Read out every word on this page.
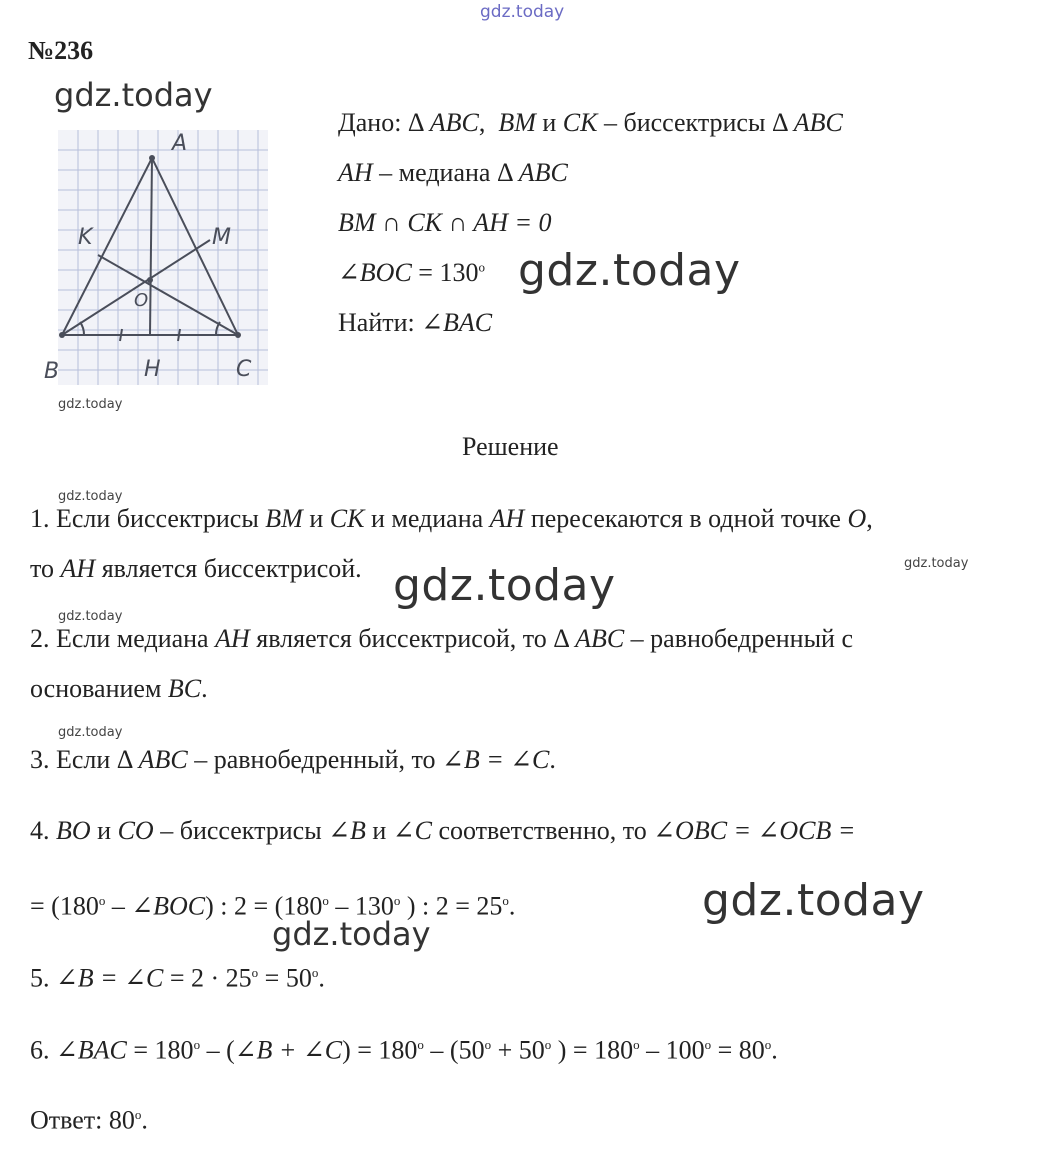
gdz.today
gdz.today
gdz.today
gdz.today
gdz.today
gdz.today	gdz.today
gdz.today
gdz.today
gdz.today
gdz.today
№236
A
B	C
H
K	M
O
Дано: Δ ABC, BM и CK – биссектрисы Δ ABC
AH – медиана Δ ABC
BM ∩ CK ∩ AH = 0
∠BOC = $130^o$
Найти: ∠BAC
Решение
1. Если биссектрисы BM и CK и медиана AH пересекаются в одной точке O,
то AH является биссектрисой.
2. Если медиана AH является биссектрисой, то Δ ABC – равнобедренный с
основанием BC.
3. Если Δ ABC – равнобедренный, то ∠B = ∠C.
4. BO и CO – биссектрисы ∠B и ∠C соответственно, то ∠OBC = ∠OCB =
= ($180^o$ – ∠BOC) : $2 = (180^o - 130^o$ ) : $2 = 25^o$.
5. ∠B = ∠C = $2 \cdot 25^o = 50^o$.
6. ∠BAC = $180^o$ – (∠B + ∠C) = $180^o - (50^o + 50^o$ ) = $180^o - 100^o = 80^o$.
Ответ: 80$^o$.
